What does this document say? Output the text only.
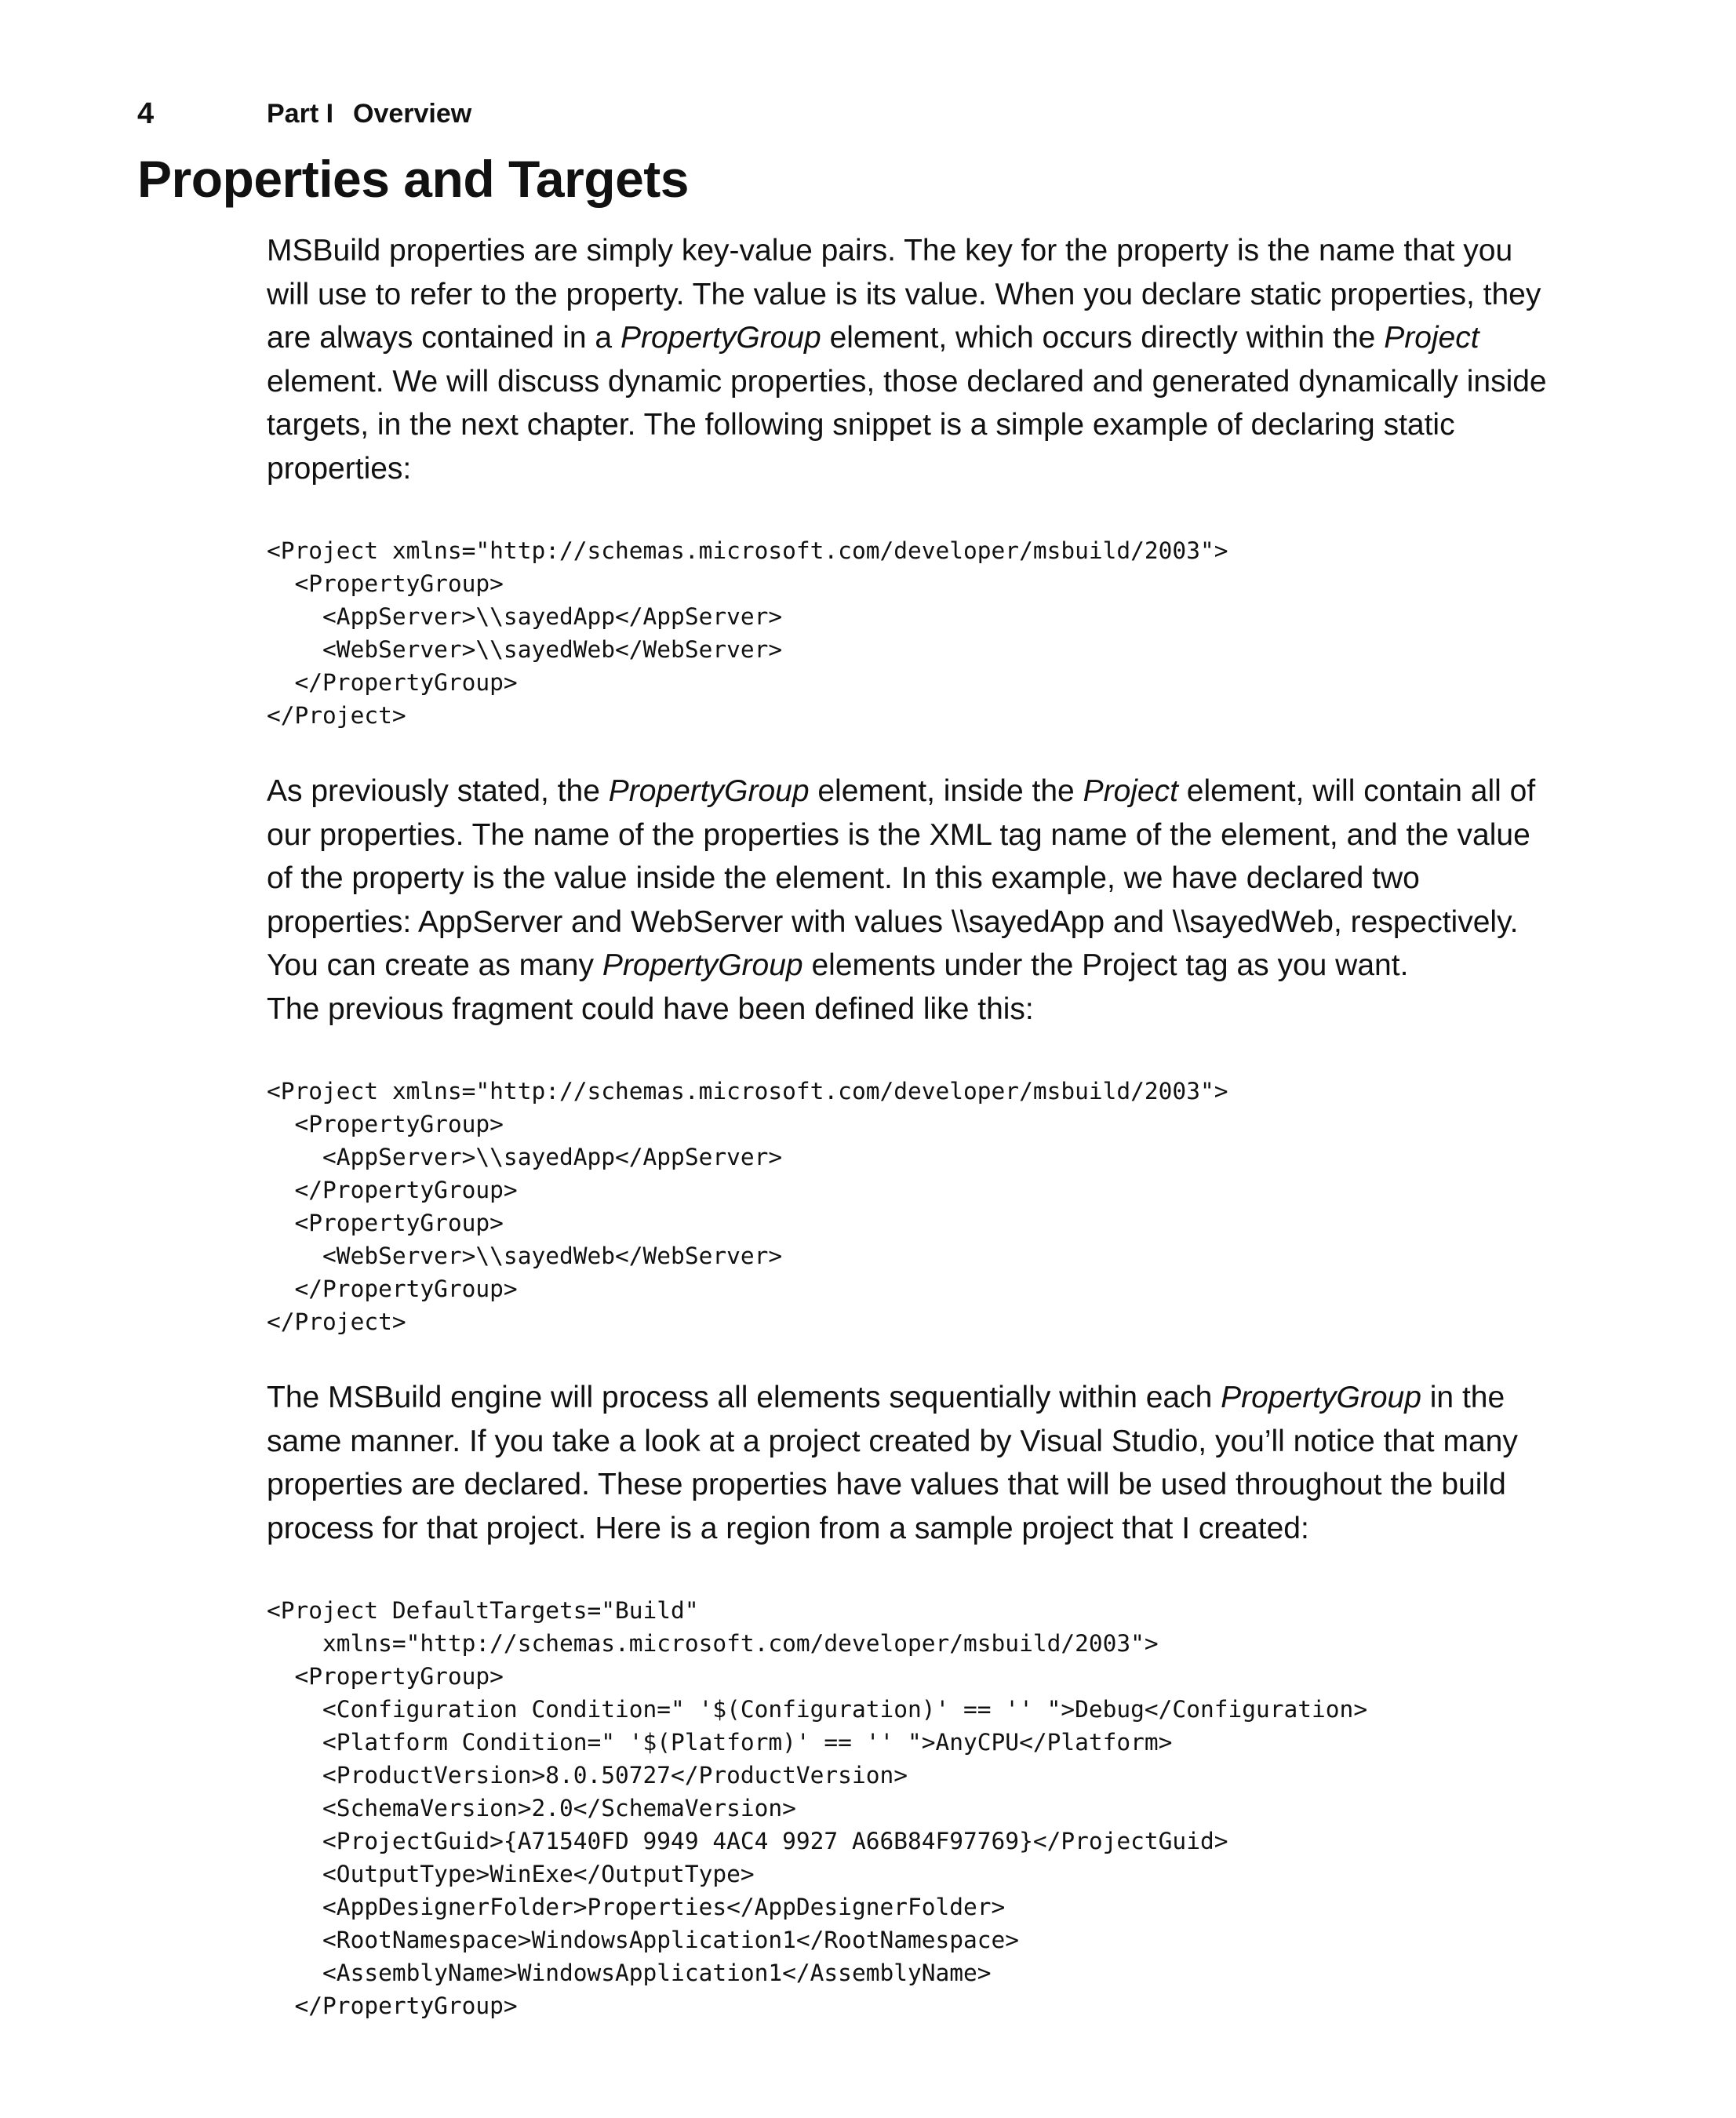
4	Part I Overview
Properties and Targets

MSBuild properties are simply key-value pairs. The key for the property is the name that you will use to refer to the property. The value is its value. When you declare static properties, they are always contained in a PropertyGroup element, which occurs directly within the Project element. We will discuss dynamic properties, those declared and generated dynamically inside targets, in the next chapter. The following snippet is a simple example of declaring static properties:

<Project xmlns="http://schemas.microsoft.com/developer/msbuild/2003">
<PropertyGroup>
<AppServer>\\sayedApp</AppServer>
<WebServer>\\sayedWeb</WebServer>
</PropertyGroup>
</Project>

As previously stated, the PropertyGroup element, inside the Project element, will contain all of our properties. The name of the properties is the XML tag name of the element, and the value of the property is the value inside the element. In this example, we have declared two properties: AppServer and WebServer with values \\sayedApp and \\sayedWeb, respectively. You can create as many PropertyGroup elements under the Project tag as you want.

The previous fragment could have been defined like this:

<Project xmlns="http://schemas.microsoft.com/developer/msbuild/2003">
<PropertyGroup>
<AppServer>\\sayedApp</AppServer>
</PropertyGroup>
<PropertyGroup>
<WebServer>\\sayedWeb</WebServer>
</PropertyGroup>
</Project>

The MSBuild engine will process all elements sequentially within each PropertyGroup in the same manner. If you take a look at a project created by Visual Studio, you’ll notice that many properties are declared. These properties have values that will be used throughout the build process for that project. Here is a region from a sample project that I created:

<Project DefaultTargets="Build"
xmlns="http://schemas.microsoft.com/developer/msbuild/2003">
<PropertyGroup>
<Configuration Condition=" '$(Configuration)' == '' ">Debug</Configuration>
<Platform Condition=" '$(Platform)' == '' ">AnyCPU</Platform>
<ProductVersion>8.0.50727</ProductVersion>
<SchemaVersion>2.0</SchemaVersion>
<ProjectGuid>{A71540FD 9949 4AC4 9927 A66B84F97769}</ProjectGuid>
<OutputType>WinExe</OutputType>
<AppDesignerFolder>Properties</AppDesignerFolder>
<RootNamespace>WindowsApplication1</RootNamespace>
<AssemblyName>WindowsApplication1</AssemblyName>
</PropertyGroup>
